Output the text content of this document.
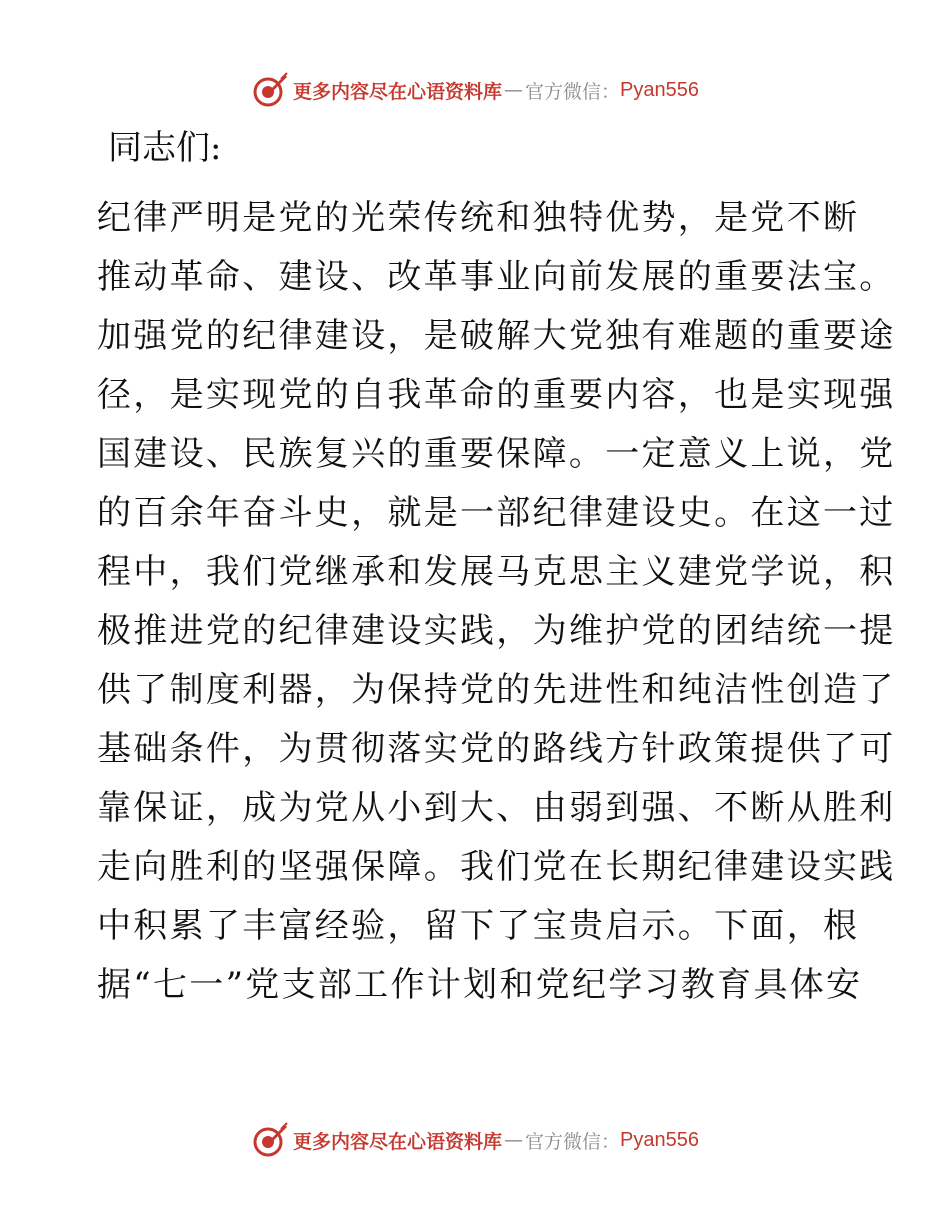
更多内容尽在心语资料库 — 官方微信： Pyan556
同志们:
纪律严明是党的光荣传统和独特优势，是党不断
推动革命、建设、改革事业向前发展的重要法宝。
加强党的纪律建设，是破解大党独有难题的重要途
径，是实现党的自我革命的重要内容，也是实现强
国建设、民族复兴的重要保障。一定意义上说，党
的百余年奋斗史，就是一部纪律建设史。在这一过
程中，我们党继承和发展马克思主义建党学说，积
极推进党的纪律建设实践，为维护党的团结统一提
供了制度利器，为保持党的先进性和纯洁性创造了
基础条件，为贯彻落实党的路线方针政策提供了可
靠保证，成为党从小到大、由弱到强、不断从胜利
走向胜利的坚强保障。我们党在长期纪律建设实践
中积累了丰富经验，留下了宝贵启示。下面，根
据“七一”党支部工作计划和党纪学习教育具体安
更多内容尽在心语资料库 — 官方微信： Pyan556
